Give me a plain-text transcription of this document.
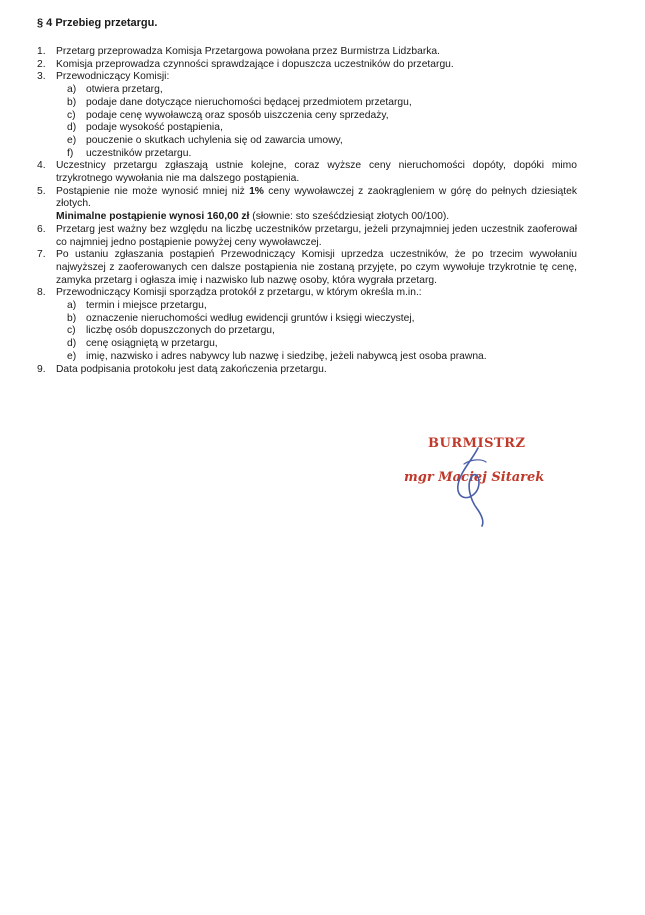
§ 4 Przebieg przetargu.
1.	Przetarg przeprowadza Komisja Przetargowa powołana przez Burmistrza Lidzbarka.
2.	Komisja przeprowadza czynności sprawdzające i dopuszcza uczestników do przetargu.
3.	Przewodniczący Komisji:
a) otwiera przetarg,
b) podaje dane dotyczące nieruchomości będącej przedmiotem przetargu,
c)	podaje cenę wywoławczą oraz sposób uiszczenia ceny sprzedaży,
d) podaje wysokość postąpienia,
e) pouczenie o skutkach uchylenia się od zawarcia umowy,
f)	uczestników przetargu.
4.	Uczestnicy przetargu zgłaszają ustnie kolejne, coraz wyższe ceny nieruchomości dopóty, dopóki mimo trzykrotnego wywołania nie ma dalszego postąpienia.
5.	Postąpienie nie może wynosić mniej niż 1% ceny wywoławczej z zaokrągleniem w górę do pełnych dziesiątek złotych.
Minimalne postąpienie wynosi 160,00 zł (słownie: sto sześćdziesiąt złotych 00/100).
6.	Przetarg jest ważny bez względu na liczbę uczestników przetargu, jeżeli przynajmniej jeden uczestnik zaoferował co najmniej jedno postąpienie powyżej ceny wywoławczej.
7.	Po ustaniu zgłaszania postąpień Przewodniczący Komisji uprzedza uczestników, że po trzecim wywołaniu najwyższej z zaoferowanych cen dalsze postąpienia nie zostaną przyjęte, po czym wywołuje trzykrotnie tę cenę, zamyka przetarg i ogłasza imię i nazwisko lub nazwę osoby, która wygrała przetarg.
8.	Przewodniczący Komisji sporządza protokół z przetargu, w którym określa m.in.:
a) termin i miejsce przetargu,
b) oznaczenie nieruchomości według ewidencji gruntów i księgi wieczystej,
c)	liczbę osób dopuszczonych do przetargu,
d) cenę osiągniętą w przetargu,
e) imię, nazwisko i adres nabywcy lub nazwę i siedzibę, jeżeli nabywcą jest osoba prawna.
9.	Data podpisania protokołu jest datą zakończenia przetargu.
BURMISTRZ
mgr Maciej Sitarek
